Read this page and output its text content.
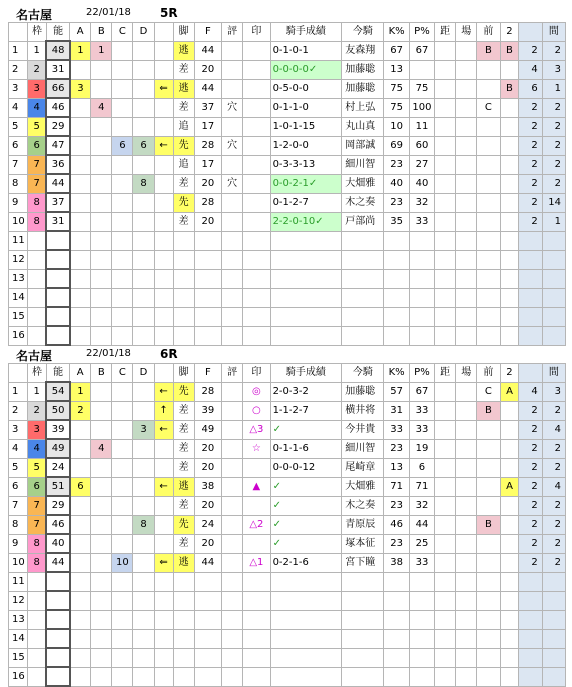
名古屋	22/01/18 5R
	枠	能	A	B	C	D		脚	F	評	印	騎手成績	今騎	K%	P%	距	場	前	2		間
1	1	48	1	1				逃	44			0-1-0-1	友森翔	67	67			B	B	2	2
2	2	31						差	20			0-0-0-0✓	加藤聡	13						4	3
3	3	66	3				⇐	逃	44			0-5-0-0	加藤聡	75	75				B	6	1
4	4	46		4				差	37	穴		0-1-1-0	村上弘	75	100			C		2	2
5	5	29						追	17			1-0-1-15	丸山真	10	11					2	2
6	6	47			6	6	←	先	28	穴		1-2-0-0	岡部誠	69	60					2	2
7	7	36						追	17			0-3-3-13	細川智	23	27					2	2
8	7	44				8		差	20	穴		0-0-2-1✓	大畑雅	40	40					2	2
9	8	37						先	28			0-1-2-7	木之奏	23	32					2	14
10	8	31						差	20			2-2-0-10✓	戸部尚	35	33					2	1
11																					
12																					
13																					
14																					
15																					
16																					
名古屋	22/01/18 6R
	枠	能	A	B	C	D		脚	F	評	印	騎手成績	今騎	K%	P%	距	場	前	2		間
1	1	54	1				←	先	28		◎	2-0-3-2	加藤聡	57	67			C	A	4	3
2	2	50	2				↑	差	39		○	1-1-2-7	横井将	31	33			B		2	2
3	3	39				3	←	差	49		△3	✓	今井貴	33	33					2	4
4	4	49		4				差	20		☆	0-1-1-6	細川智	23	19					2	2
5	5	24						差	20			0-0-0-12	尾崎章	13	6					2	2
6	6	51	6				←	逃	38		▲	✓	大畑雅	71	71				A	2	4
7	7	29						差	20			✓	木之奏	23	32					2	2
8	7	46				8		先	24		△2	✓	青原辰	46	44			B		2	2
9	8	40						差	20			✓	塚本征	23	25					2	2
10	8	44			10		⇐	逃	44		△1	0-2-1-6	宮下瞳	38	33					2	2
11																					
12																					
13																					
14																					
15																					
16																					
